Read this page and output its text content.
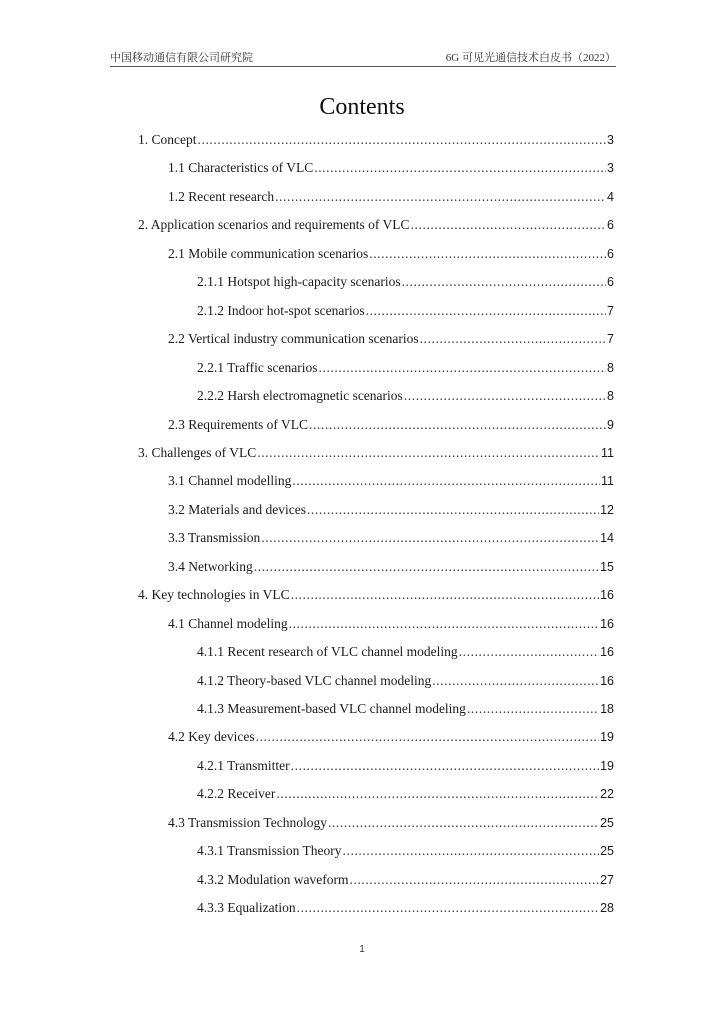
中国移动通信有限公司研究院	6G 可见光通信技术白皮书（2022）
Contents
1. Concept .....	3
1.1 Characteristics of VLC .....	3
1.2 Recent research .....	4
2. Application scenarios and requirements of VLC .....	6
2.1 Mobile communication scenarios .....	6
2.1.1 Hotspot high-capacity scenarios .....	6
2.1.2 Indoor hot-spot scenarios .....	7
2.2 Vertical industry communication scenarios .....	7
2.2.1 Traffic scenarios .....	8
2.2.2 Harsh electromagnetic scenarios .....	8
2.3 Requirements of VLC .....	9
3. Challenges of VLC .....	11
3.1 Channel modelling .....	11
3.2 Materials and devices .....	12
3.3 Transmission .....	14
3.4 Networking .....	15
4. Key technologies in VLC .....	16
4.1 Channel modeling .....	16
4.1.1 Recent research of VLC channel modeling .....	16
4.1.2 Theory-based VLC channel modeling .....	16
4.1.3 Measurement-based VLC channel modeling .....	18
4.2 Key devices .....	19
4.2.1 Transmitter .....	19
4.2.2 Receiver .....	22
4.3 Transmission Technology .....	25
4.3.1 Transmission Theory .....	25
4.3.2 Modulation waveform .....	27
4.3.3 Equalization .....	28
1
